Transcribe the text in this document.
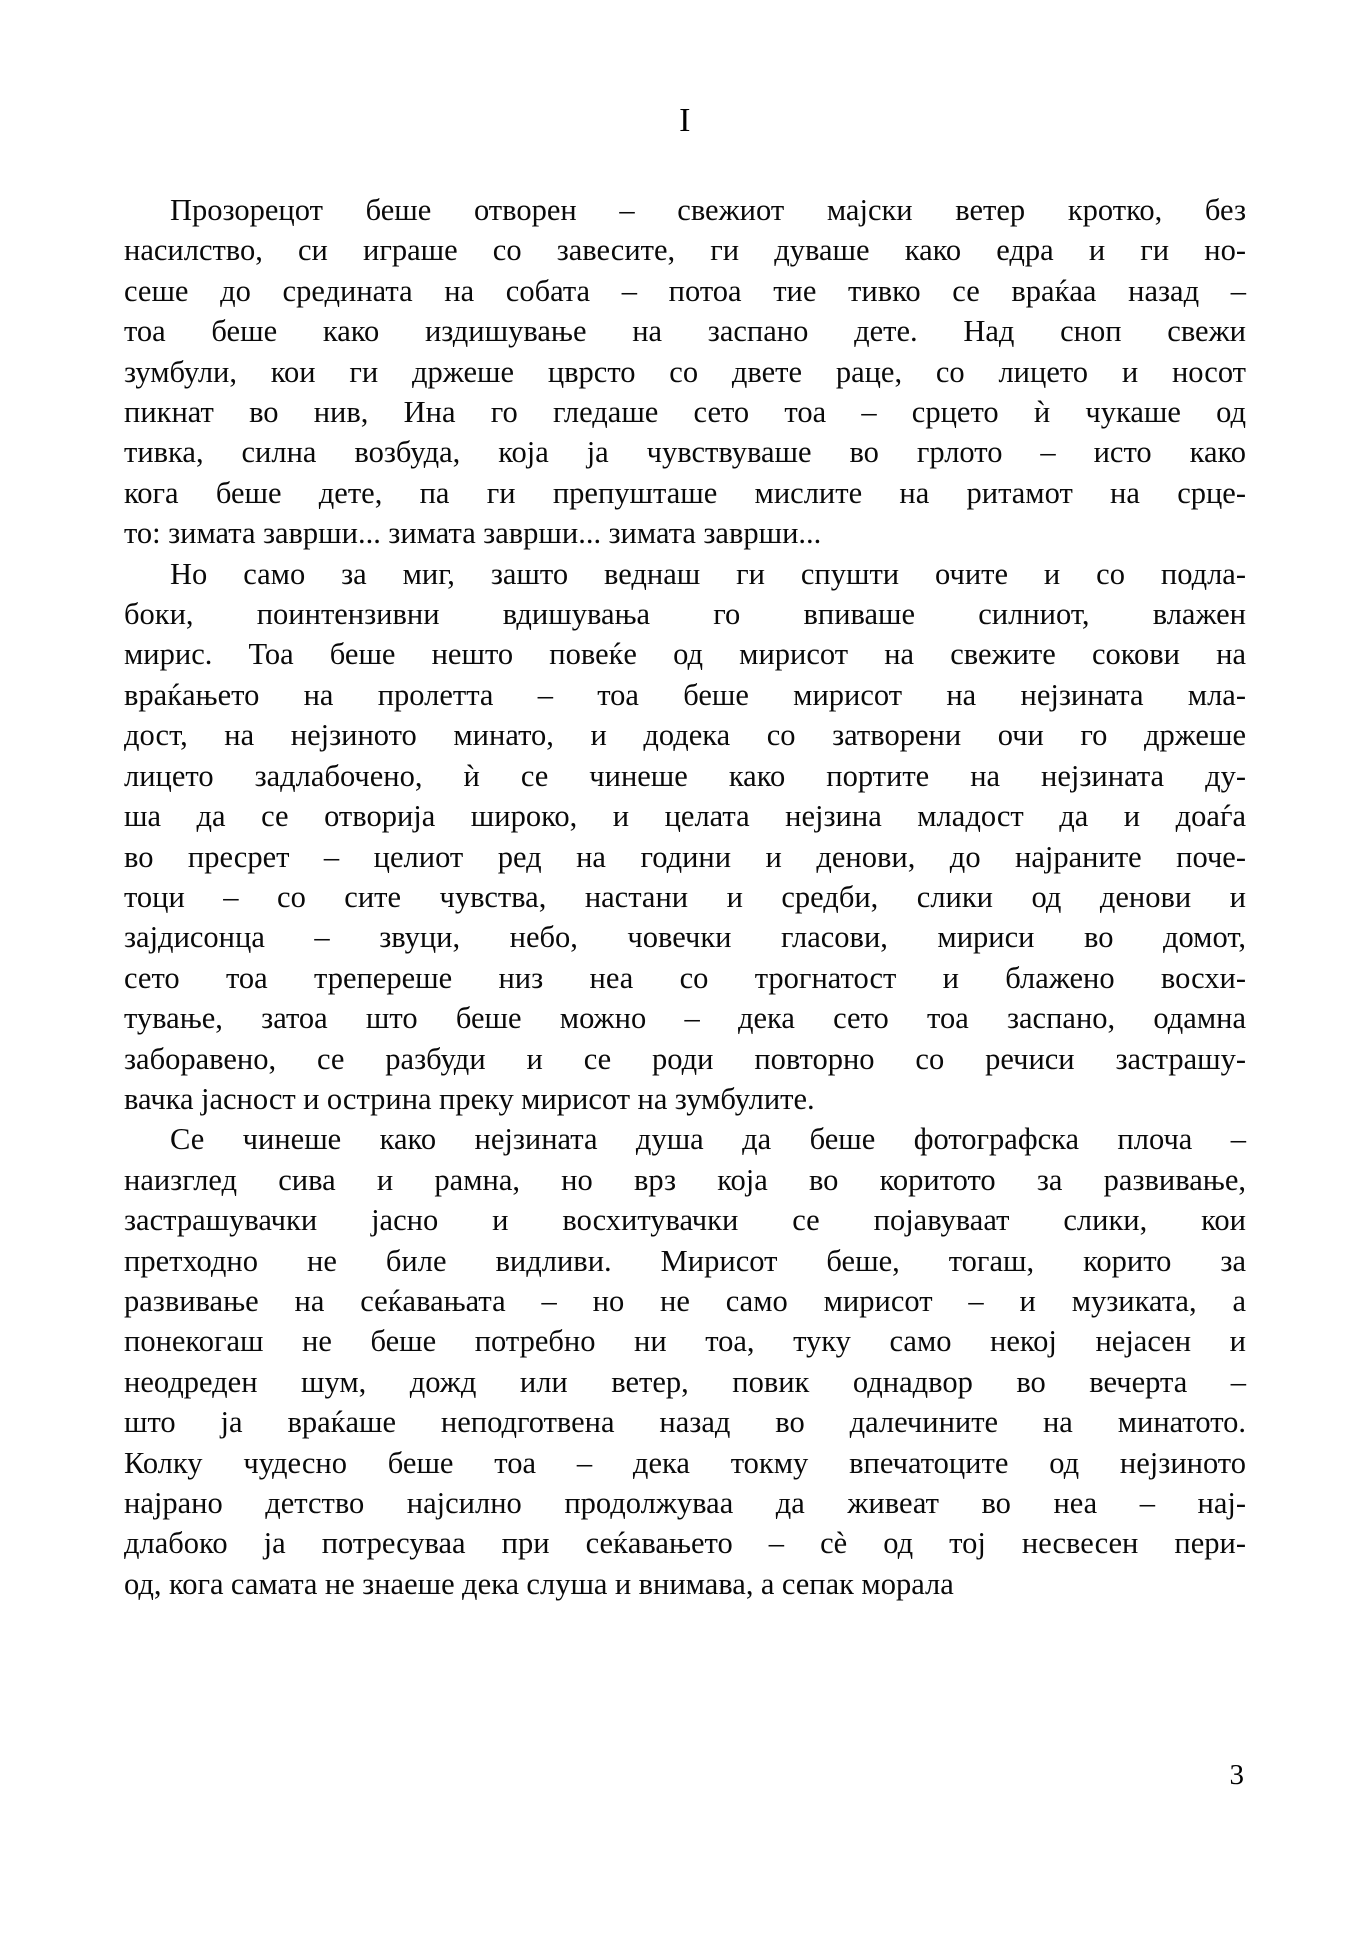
I
Прозорецот беше отворен – свежиот мајски ветер кротко, без
насилство, си играше со завесите, ги дуваше како едра и ги но-
сеше до средината на собата – потоа тие тивко се враќаа назад –
тоа беше како издишување на заспано дете. Над сноп свежи
зумбули, кои ги држеше цврсто со двете раце, со лицето и носот
пикнат во нив, Ина го гледаше сето тоа – срцето ѝ чукаше од
тивка, силна возбуда, која ја чувствуваше во грлото – исто како
кога беше дете, па ги препушташе мислите на ритамот на срце-
то: зимата заврши... зимата заврши... зимата заврши...
Но само за миг, зашто веднаш ги спушти очите и со подла-
боки, поинтензивни вдишувања го впиваше силниот, влажен
мирис. Тоа беше нешто повеќе од мирисот на свежите сокови на
враќањето на пролетта – тоа беше мирисот на нејзината мла-
дост, на нејзиното минато, и додека со затворени очи го држеше
лицето задлабочено, ѝ се чинеше како портите на нејзината ду-
ша да се отворија широко, и целата нејзина младост да и доаѓа
во пресрет – целиот ред на години и денови, до најраните поче-
тоци – со сите чувства, настани и средби, слики од денови и
зајдисонца – звуци, небо, човечки гласови, мириси во домот,
сето тоа трепереше низ неа со трогнатост и блажено восхи-
тување, затоа што беше можно – дека сето тоа заспано, одамна
заборавено, се разбуди и се роди повторно со речиси застрашу-
вачка јасност и острина преку мирисот на зумбулите.
Се чинеше како нејзината душа да беше фотографска плоча –
наизглед сива и рамна, но врз која во коритото за развивање,
застрашувачки јасно и восхитувачки се појавуваат слики, кои
претходно не биле видливи. Мирисот беше, тогаш, корито за
развивање на сеќавањата – но не само мирисот – и музиката, а
понекогаш не беше потребно ни тоа, туку само некој нејасен и
неодреден шум, дожд или ветер, повик однадвор во вечерта –
што ја враќаше неподготвена назад во далечините на минатото.
Колку чудесно беше тоа – дека токму впечатоците од нејзиното
најрано детство најсилно продолжуваа да живеат во неа – нај-
длабоко ја потресуваа при сеќавањето – сè од тој несвесен пери-
од, кога самата не знаеше дека слуша и внимава, а сепак морала
3
